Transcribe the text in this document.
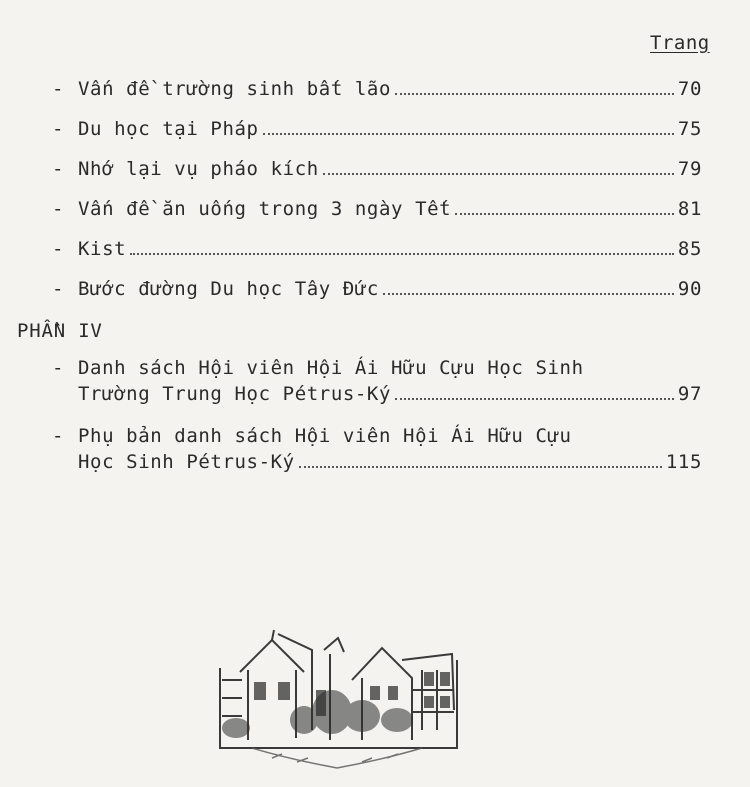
Trang
- Vấn đề trường sinh bất lão	70
- Du học tại Pháp	75
- Nhớ lại vụ pháo kích	79
- Vấn đề ăn uống trong 3 ngày Tết	81
- Kist	85
- Bước đường Du học Tây Đức	90
PHẦN IV
- Danh sách Hội viên Hội Ái Hữu Cựu Học Sinh
Trường Trung Học Pétrus-Ký	97
- Phụ bản danh sách Hội viên Hội Ái Hữu Cựu
Học Sinh Pétrus-Ký	115
